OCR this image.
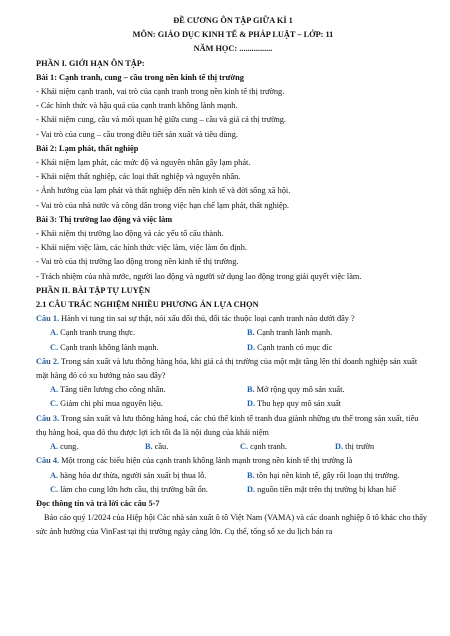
ĐỀ CƯƠNG ÔN TẬP GIỮA KÌ 1
MÔN: GIÁO DỤC KINH TẾ & PHÁP LUẬT – LỚP: 11
NĂM HỌC: ................
PHẦN I. GIỚI HẠN ÔN TẬP:
Bài 1: Cạnh tranh, cung – cầu trong nền kinh tế thị trường
- Khái niệm cạnh tranh, vai trò của cạnh tranh trong nền kinh tế thị trường.
- Các hình thức và hậu quả của cạnh tranh không lành mạnh.
- Khái niệm cung, cầu và mối quan hệ giữa cung – cầu và giá cả thị trường.
- Vai trò của cung – cầu trong điều tiết sản xuất và tiêu dùng.
Bài 2: Lạm phát, thất nghiệp
- Khái niệm lạm phát, các mức độ và nguyên nhân gây lạm phát.
- Khái niệm thất nghiệp, các loại thất nghiệp và nguyên nhân.
- Ảnh hưởng của lạm phát và thất nghiệp đến nền kinh tế và đời sống xã hội.
- Vai trò của nhà nước và công dân trong việc hạn chế lạm phát, thất nghiệp.
Bài 3: Thị trường lao động và việc làm
- Khái niệm thị trường lao động và các yếu tố cấu thành.
- Khái niệm việc làm, các hình thức việc làm, việc làm ổn định.
- Vai trò của thị trường lao động trong nền kinh tế thị trường.
- Trách nhiệm của nhà nước, người lao động và người sử dụng lao động trong giải quyết việc làm.
PHẦN II. BÀI TẬP TỰ LUYỆN
2.1 CÂU TRẮC NGHIỆM NHIỀU PHƯƠNG ÁN LỰA CHỌN
Câu 1. Hành vi tung tin sai sự thật, nói xấu đối thủ, đối tác thuộc loại cạnh tranh nào dưới đây ?
A. Cạnh tranh trung thực.	B. Cạnh tranh lành mạnh.
C. Cạnh tranh không lành mạnh.	D. Cạnh tranh có mục đíc
Câu 2. Trong sản xuất và lưu thông hàng hóa, khi giá cả thị trường của một mặt tăng lên thì doanh nghiệp sản xuất mặt hàng đó có xu hướng nào sau đây?
A. Tăng tiền lương cho công nhân.	B. Mở rộng quy mô sản xuất.
C. Giảm chi phí mua nguyên liệu.	D. Thu hẹp quy mô sản xuất
Câu 3. Trong sản xuất và lưu thông hàng hoá, các chủ thể kinh tế tranh đua giành những ưu thế trong sản xuất, tiêu thụ hàng hoá, qua đó thu được lợi ích tối đa là nội dung của khái niệm
A. cung.	B. cầu.	C. cạnh tranh.	D. thị trườn
Câu 4. Một trong các biểu hiện của cạnh tranh không lành mạnh trong nền kinh tế thị trường là
A. hàng hóa dư thừa, người sản xuất bị thua lỗ.	B. tồn hại nền kinh tế, gây rối loạn thị trường.
C. làm cho cung lớn hơn cầu, thị trường bất ổn.	D. nguồn tiền mặt trên thị trường bị khan hiế
Đọc thông tin và trả lời các câu 5-7
Báo cáo quý 1/2024 của Hiệp hội Các nhà sản xuất ô tô Việt Nam (VAMA) và các doanh nghiệp ô tô khác cho thấy sức ảnh hưởng của VinFast tại thị trường ngày càng lớn. Cụ thể, tổng số xe du lịch bán ra
